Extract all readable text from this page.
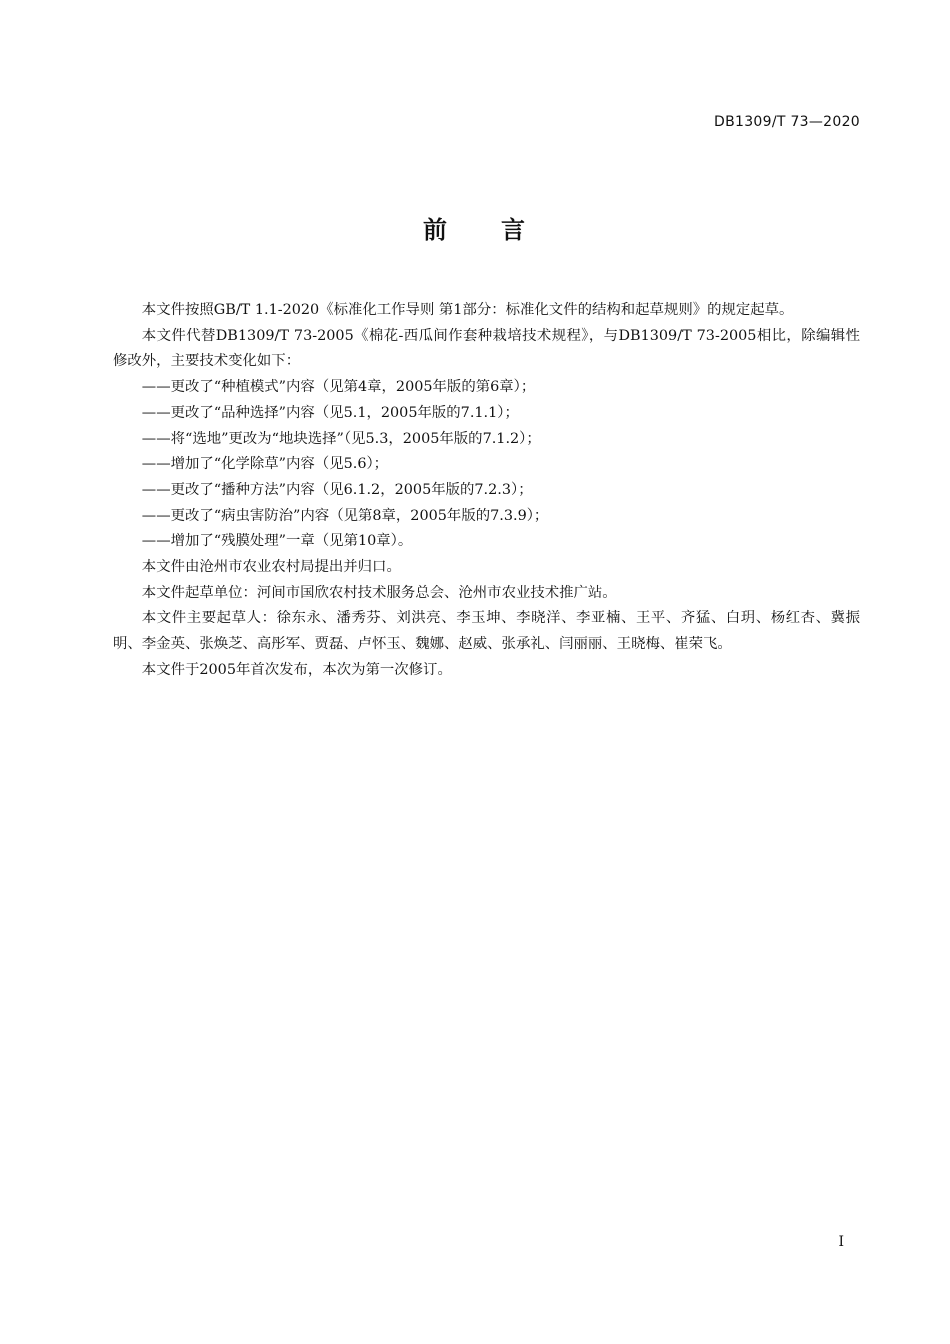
DB1309/T 73—2020
前 言

本文件按照GB/T 1.1-2020《标准化工作导则 第1部分：标准化文件的结构和起草规则》的规定起草。

本文件代替DB1309/T 73-2005《棉花-西瓜间作套种栽培技术规程》，与DB1309/T 73-2005相比，除编辑性修改外，主要技术变化如下：

——更改了“种植模式”内容（见第4章，2005年版的第6章）；

——更改了“品种选择”内容（见5.1，2005年版的7.1.1）；

——将“选地”更改为“地块选择”（见5.3，2005年版的7.1.2）；

——增加了“化学除草”内容（见5.6）；

——更改了“播种方法”内容（见6.1.2，2005年版的7.2.3）；

——更改了“病虫害防治”内容（见第8章，2005年版的7.3.9）；

——增加了“残膜处理”一章（见第10章）。

本文件由沧州市农业农村局提出并归口。

本文件起草单位：河间市国欣农村技术服务总会、沧州市农业技术推广站。

本文件主要起草人：徐东永、潘秀芬、刘洪亮、李玉坤、李晓洋、李亚楠、王平、齐猛、白玥、杨红杏、冀振明、李金英、张焕芝、高彤军、贾磊、卢怀玉、魏娜、赵威、张承礼、闫丽丽、王晓梅、崔荣飞。

本文件于2005年首次发布，本次为第一次修订。

I
